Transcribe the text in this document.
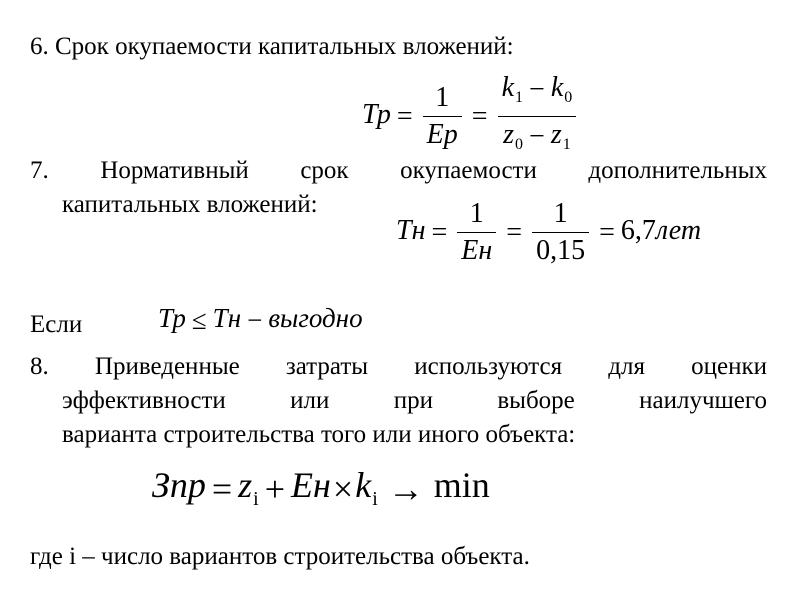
6. Срок окупаемости капитальных вложений:
Тр = $\frac{1}{Ер} = \frac{k_1 - k_0}{z_0 - z_1}$
7. Нормативный срок окупаемости дополнительных
капитальных вложений:
Тн = $\frac{1}{Ен} = \frac{1}{0,15} = 6,7лет$
Если	Тр ≤ Тн − выгодно
8. Приведенные затраты используются для оценки
эффективности или при выборе наилучшего
варианта строительства того или иного объекта:
Зпр = $z_i + Ен\times k_i \to \min$
где i – число вариантов строительства объекта.
